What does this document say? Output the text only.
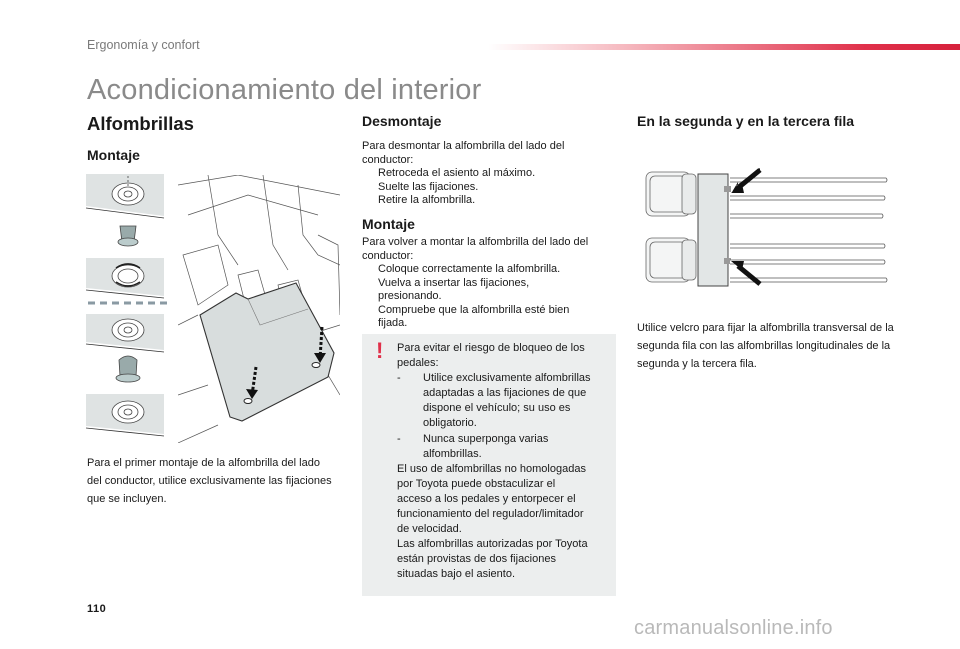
Ergonomía y confort
Acondicionamiento del interior
Alfombrillas
Montaje
Para el primer montaje de la alfombrilla del lado del conductor, utilice exclusivamente las fijaciones que se incluyen.
Desmontaje
Para desmontar la alfombrilla del lado del
conductor:
Retroceda el asiento al máximo.
Suelte las fijaciones.
Retire la alfombrilla.
Montaje
Para volver a montar la alfombrilla del lado del
conductor:
Coloque correctamente la alfombrilla.
Vuelva a insertar las fijaciones,
presionando.
Compruebe que la alfombrilla esté bien
fijada.
! Para evitar el riesgo de bloqueo de los
pedales:
-	Utilice exclusivamente alfombrillas
adaptadas a las fijaciones de que
dispone el vehículo; su uso es
obligatorio.
-	Nunca superponga varias
alfombrillas.
El uso de alfombrillas no homologadas
por Toyota puede obstaculizar el
acceso a los pedales y entorpecer el
funcionamiento del regulador/limitador
de velocidad.
Las alfombrillas autorizadas por Toyota
están provistas de dos fijaciones
situadas bajo el asiento.
En la segunda y en la tercera fila
Utilice velcro para fijar la alfombrilla transversal de la segunda fila con las alfombrillas longitudinales de la segunda y la tercera fila.
110
carmanualsonline.info
